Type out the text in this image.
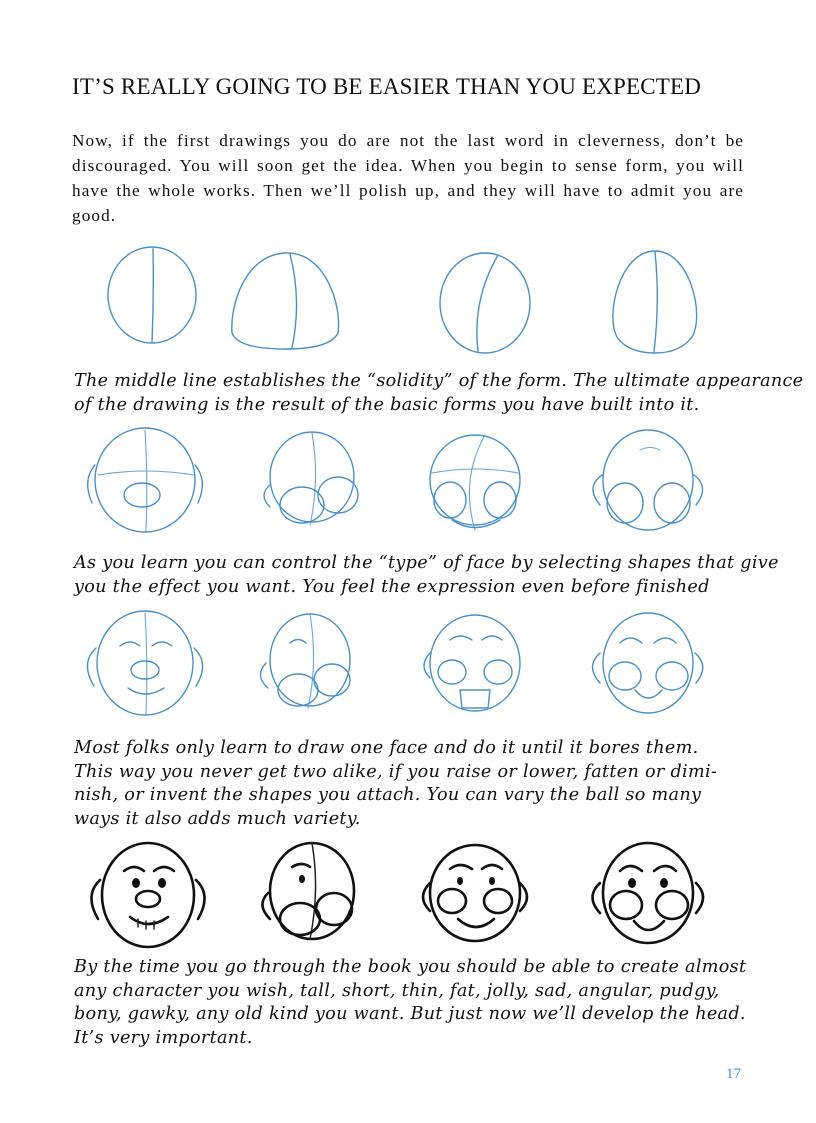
IT’S REALLY GOING TO BE EASIER THAN YOU EXPECTED
Now, if the first drawings you do are not the last word in cleverness, don’t be discouraged. You will soon get the idea. When you begin to sense form, you will have the whole works. Then we’ll polish up, and they will have to admit you are good.
The middle line establishes the “solidity” of the form. The ultimate appearance
of the drawing is the result of the basic forms you have built into it.
As you learn you can control the “type” of face by selecting shapes that give
you the effect you want. You feel the expression even before finished
Most folks only learn to draw one face and do it until it bores them.
This way you never get two alike, if you raise or lower, fatten or dimi-
nish, or invent the shapes you attach. You can vary the ball so many
ways it also adds much variety.
By the time you go through the book you should be able to create almost
any character you wish, tall, short, thin, fat, jolly, sad, angular, pudgy,
bony, gawky, any old kind you want. But just now we’ll develop the head.
It’s very important.
17
